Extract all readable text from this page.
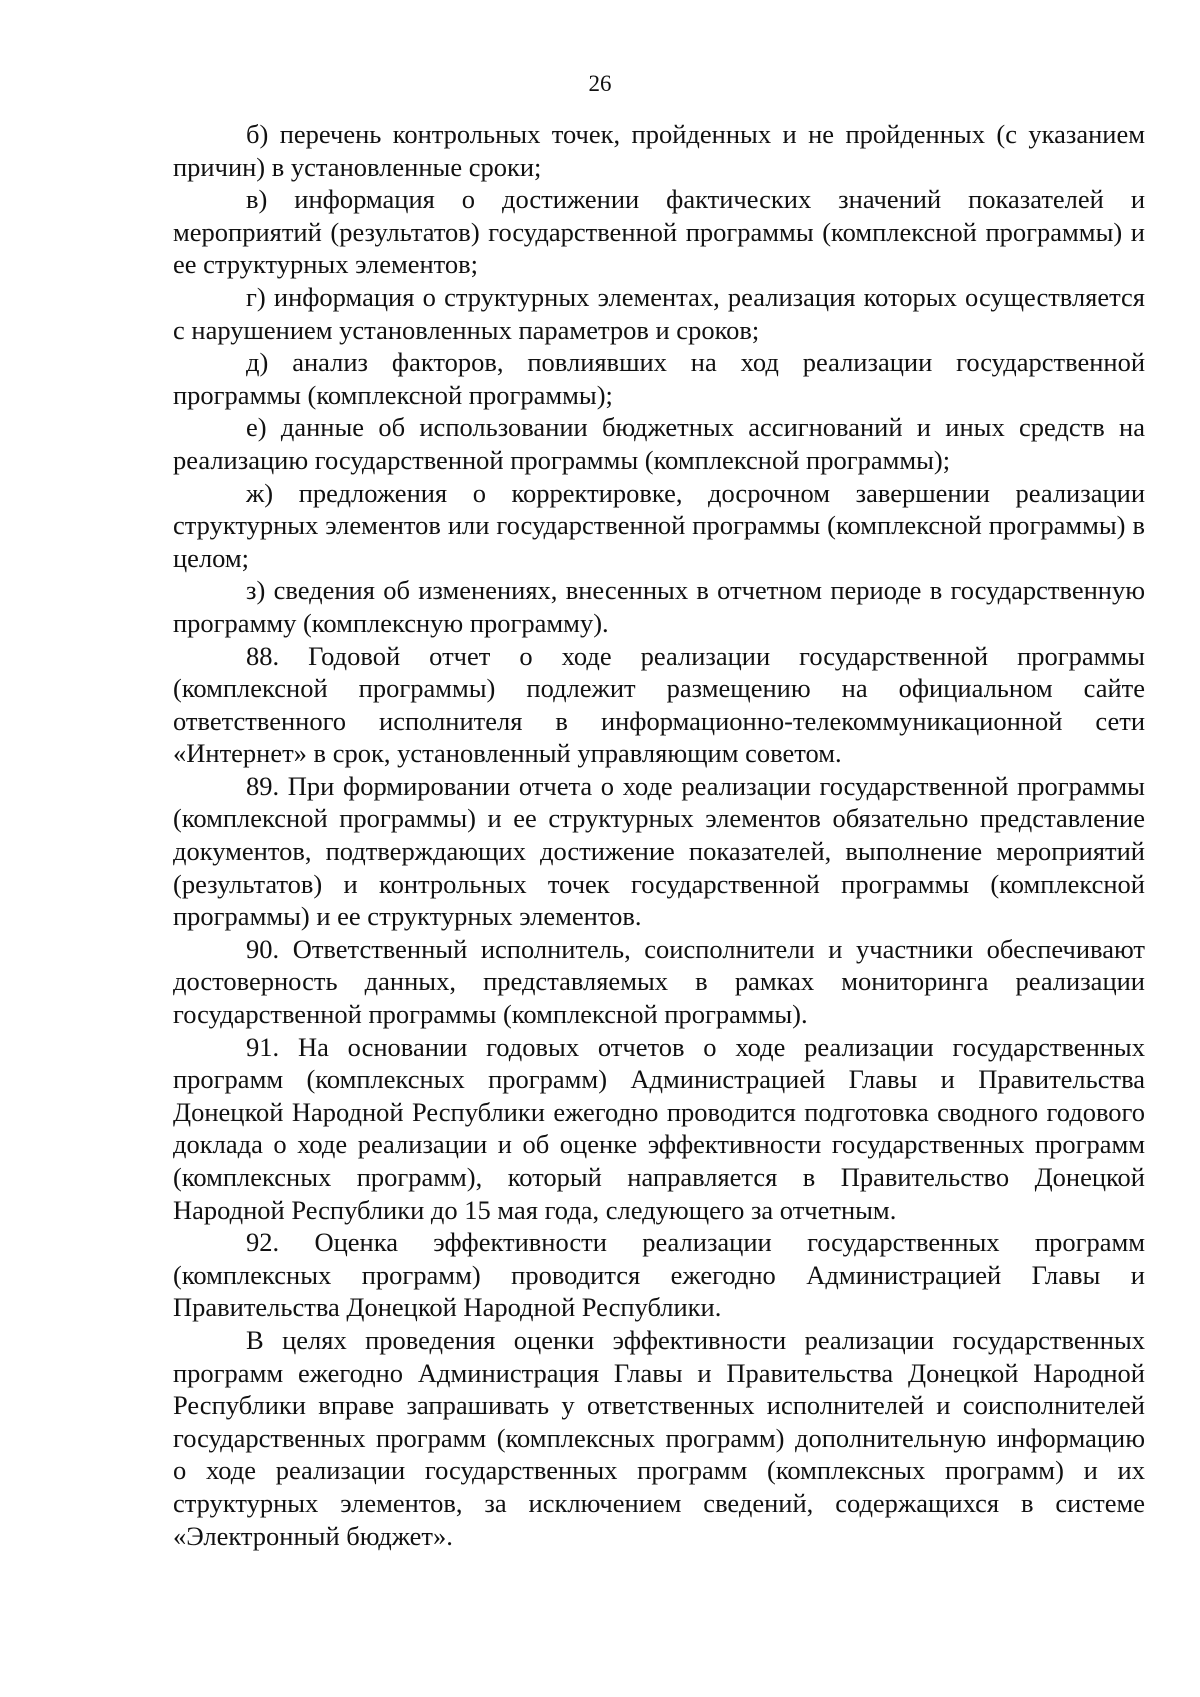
26

б) перечень контрольных точек, пройденных и не пройденных (с указанием причин) в установленные сроки;

в) информация о достижении фактических значений показателей и мероприятий (результатов) государственной программы (комплексной программы) и ее структурных элементов;

г) информация о структурных элементах, реализация которых осуществляется с нарушением установленных параметров и сроков;

д) анализ факторов, повлиявших на ход реализации государственной программы (комплексной программы);

е) данные об использовании бюджетных ассигнований и иных средств на реализацию государственной программы (комплексной программы);

ж) предложения о корректировке, досрочном завершении реализации структурных элементов или государственной программы (комплексной программы) в целом;

з) сведения об изменениях, внесенных в отчетном периоде в государственную программу (комплексную программу).

88. Годовой отчет о ходе реализации государственной программы (комплексной программы) подлежит размещению на официальном сайте ответственного исполнителя в информационно-телекоммуникационной сети «Интернет» в срок, установленный управляющим советом.

89. При формировании отчета о ходе реализации государственной программы (комплексной программы) и ее структурных элементов обязательно представление документов, подтверждающих достижение показателей, выполнение мероприятий (результатов) и контрольных точек государственной программы (комплексной программы) и ее структурных элементов.

90. Ответственный исполнитель, соисполнители и участники обеспечивают достоверность данных, представляемых в рамках мониторинга реализации государственной программы (комплексной программы).

91. На основании годовых отчетов о ходе реализации государственных программ (комплексных программ) Администрацией Главы и Правительства Донецкой Народной Республики ежегодно проводится подготовка сводного годового доклада о ходе реализации и об оценке эффективности государственных программ (комплексных программ), который направляется в Правительство Донецкой Народной Республики до 15 мая года, следующего за отчетным.

92. Оценка эффективности реализации государственных программ (комплексных программ) проводится ежегодно Администрацией Главы и Правительства Донецкой Народной Республики.

В целях проведения оценки эффективности реализации государственных программ ежегодно Администрация Главы и Правительства Донецкой Народной Республики вправе запрашивать у ответственных исполнителей и соисполнителей государственных программ (комплексных программ) дополнительную информацию о ходе реализации государственных программ (комплексных программ) и их структурных элементов, за исключением сведений, содержащихся в системе «Электронный бюджет».
